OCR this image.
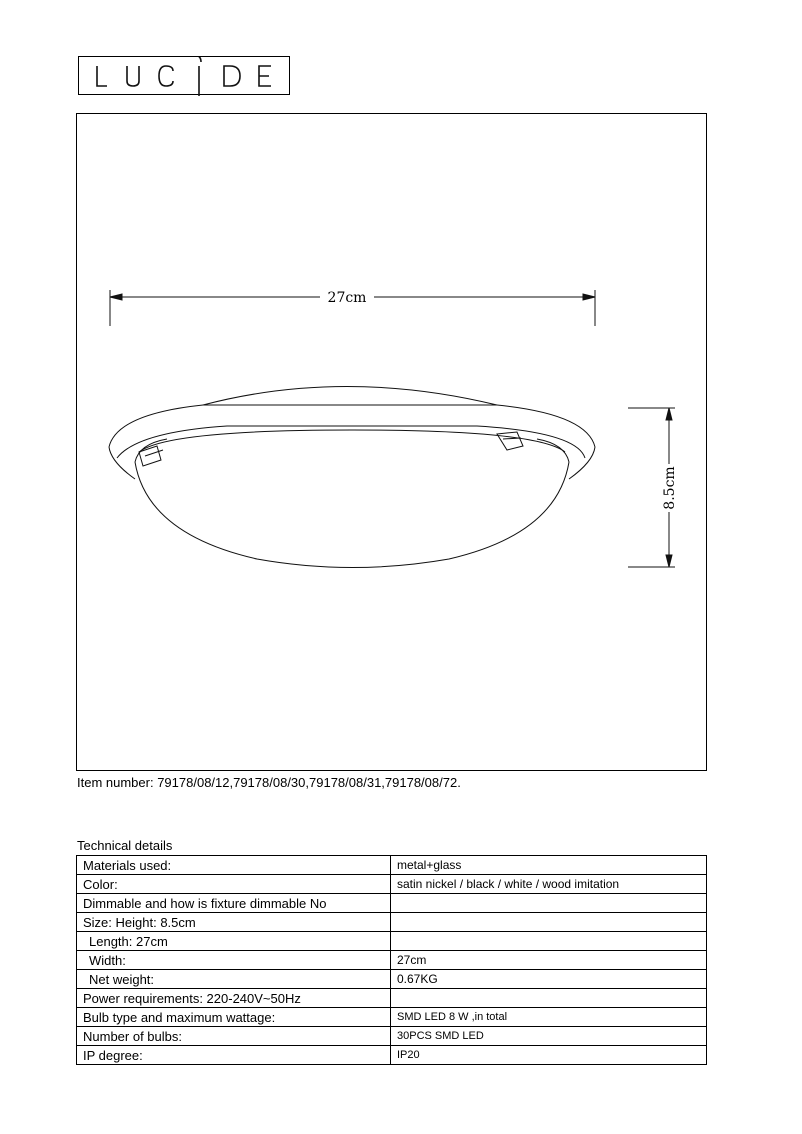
27cm
8.5cm
Item number: 79178/08/12,79178/08/30,79178/08/31,79178/08/72.
Technical details
Materials used:	metal+glass
Color:	satin nickel / black / white / wood imitation
Dimmable and how is fixture dimmable No	
Size: Height: 8.5cm	
Length: 27cm	
Width:	27cm
Net weight:	0.67KG
Power requirements: 220-240V~50Hz	
Bulb type and maximum wattage:	SMD LED 8 W ,in total
Number of bulbs:	30PCS SMD LED
IP degree:	IP20
